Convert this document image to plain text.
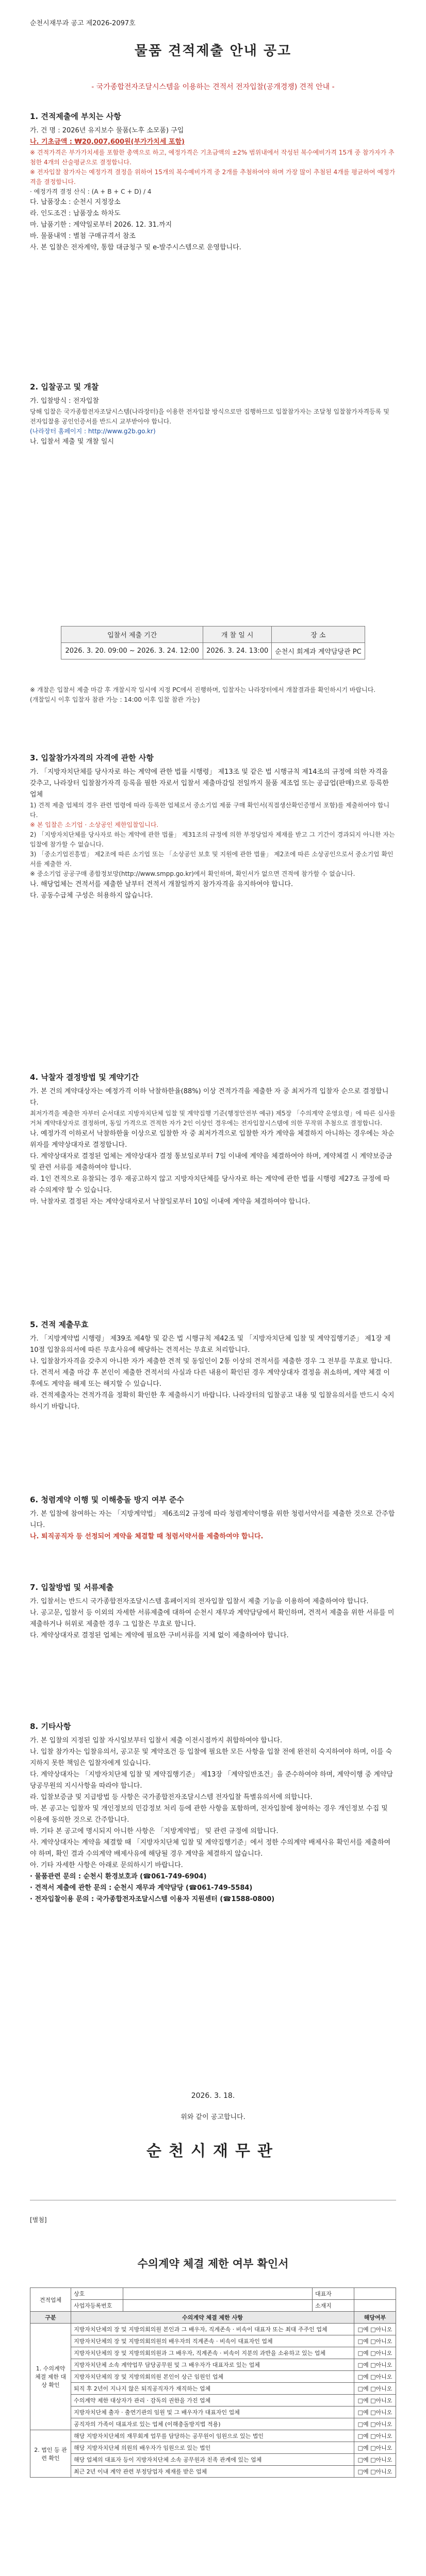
순천시재무과 공고 제2026-2097호
물품 견적제출 안내 공고
- 국가종합전자조달시스템을 이용하는 견적서 전자입찰(공개경쟁) 견적 안내 -
1. 견적제출에 부치는 사항

가. 건 명 : 2026년 유지보수 물품(노후 소모품) 구입

나. 기초금액 : ₩20,007,600원(부가가치세 포함)

※ 견적가격은 부가가치세를 포함한 총액으로 하고, 예정가격은 기초금액의 ±2% 범위내에서 작성된 복수예비가격 15개 중 참가자가 추첨한 4개의 산술평균으로 결정합니다.

※ 전자입찰 참가자는 예정가격 결정을 위하여 15개의 복수예비가격 중 2개를 추첨하여야 하며 가장 많이 추첨된 4개를 평균하여 예정가격을 결정합니다.

· 예정가격 결정 산식 : (A + B + C + D) / 4

다. 납품장소 : 순천시 지정장소

라. 인도조건 : 납품장소 하차도

마. 납품기한 : 계약일로부터 2026. 12. 31.까지

바. 물품내역 : 별첨 구매규격서 참조

사. 본 입찰은 전자계약, 통합 대금청구 및 e-발주시스템으로 운영합니다.

2. 입찰공고 및 개찰

가. 입찰방식 : 전자입찰

당해 입찰은 국가종합전자조달시스템(나라장터)을 이용한 전자입찰 방식으로만 집행하므로 입찰참가자는 조달청 입찰참가자격등록 및 전자입찰용 공인인증서를 반드시 교부받아야 합니다.

(나라장터 홈페이지 : http://www.g2b.go.kr)

나. 입찰서 제출 및 개찰 일시

입찰서 제출 기간	개 찰 일 시	장 소
2026. 3. 20. 09:00 ~ 2026. 3. 24. 12:00	2026. 3. 24. 13:00	순천시 회계과 계약담당관 PC

※ 개찰은 입찰서 제출 마감 후 개찰시작 일시에 지정 PC에서 진행하며, 입찰자는 나라장터에서 개찰결과를 확인하시기 바랍니다.

(개찰일시 이후 입찰자 참관 가능 : 14:00 이후 입찰 참관 가능)

3. 입찰참가자격의 자격에 관한 사항

가. 「지방자치단체를 당사자로 하는 계약에 관한 법률 시행령」 제13조 및 같은 법 시행규칙 제14조의 규정에 의한 자격을 갖추고, 나라장터 입찰참가자격 등록을 필한 자로서 입찰서 제출마감일 전일까지 물품 제조업 또는 공급업(판매)으로 등록한 업체

1) 견적 제출 업체의 경우 관련 법령에 따라 등록한 업체로서 중소기업 제품 구매 확인서(직접생산확인증명서 포함)를 제출하여야 합니다.

※ 본 입찰은 소기업 · 소상공인 제한입찰입니다.

2) 「지방자치단체를 당사자로 하는 계약에 관한 법률」 제31조의 규정에 의한 부정당업자 제재를 받고 그 기간이 경과되지 아니한 자는 입찰에 참가할 수 없습니다.

3) 「중소기업진흥법」 제2조에 따른 소기업 또는 「소상공인 보호 및 지원에 관한 법률」 제2조에 따른 소상공인으로서 중소기업 확인서를 제출한 자.

※ 중소기업 공공구매 종합정보망(http://www.smpp.go.kr)에서 확인하며, 확인서가 없으면 견적에 참가할 수 없습니다.

나. 해당업체는 견적서를 제출한 날부터 견적서 개찰일까지 참가자격을 유지하여야 합니다.

다. 공동수급체 구성은 허용하지 않습니다.

4. 낙찰자 결정방법 및 계약기간

가. 본 건의 계약대상자는 예정가격 이하 낙찰하한율(88%) 이상 견적가격을 제출한 자 중 최저가격 입찰자 순으로 결정합니다.

최저가격을 제출한 자부터 순서대로 지방자치단체 입찰 및 계약집행 기준(행정안전부 예규) 제5장 「수의계약 운영요령」에 따른 심사를 거쳐 계약대상자로 결정하며, 동일 가격으로 견적한 자가 2인 이상인 경우에는 전자입찰시스템에 의한 무작위 추첨으로 결정합니다.

나. 예정가격 이하로서 낙찰하한율 이상으로 입찰한 자 중 최저가격으로 입찰한 자가 계약을 체결하지 아니하는 경우에는 차순위자를 계약상대자로 결정합니다.

다. 계약상대자로 결정된 업체는 계약상대자 결정 통보일로부터 7일 이내에 계약을 체결하여야 하며, 계약체결 시 계약보증금 및 관련 서류를 제출하여야 합니다.

라. 1인 견적으로 유찰되는 경우 재공고하지 않고 지방자치단체를 당사자로 하는 계약에 관한 법률 시행령 제27조 규정에 따라 수의계약 할 수 있습니다.

마. 낙찰자로 결정된 자는 계약상대자로서 낙찰일로부터 10일 이내에 계약을 체결하여야 합니다.

5. 견적 제출무효

가. 「지방계약법 시행령」 제39조 제4항 및 같은 법 시행규칙 제42조 및 「지방자치단체 입찰 및 계약집행기준」 제1장 제10절 입찰유의서에 따른 무효사유에 해당하는 견적서는 무효로 처리합니다.

나. 입찰참가자격을 갖추지 아니한 자가 제출한 견적 및 동일인이 2통 이상의 견적서를 제출한 경우 그 전부를 무효로 합니다.

다. 견적서 제출 마감 후 본인이 제출한 견적서의 사실과 다른 내용이 확인된 경우 계약상대자 결정을 취소하며, 계약 체결 이후에도 계약을 해제 또는 해지할 수 있습니다.

라. 견적제출자는 견적가격을 정확히 확인한 후 제출하시기 바랍니다. 나라장터의 입찰공고 내용 및 입찰유의서를 반드시 숙지하시기 바랍니다.

6. 청렴계약 이행 및 이해충돌 방지 여부 준수

가. 본 입찰에 참여하는 자는 「지방계약법」 제6조의2 규정에 따라 청렴계약이행을 위한 청렴서약서를 제출한 것으로 간주합니다.

나. 퇴직공직자 등 선정되어 계약을 체결할 때 청렴서약서를 제출하여야 합니다.

7. 입찰방법 및 서류제출

가. 입찰서는 반드시 국가종합전자조달시스템 홈페이지의 전자입찰 입찰서 제출 기능을 이용하여 제출하여야 합니다.

나. 공고문, 입찰서 등 이외의 자세한 서류제출에 대하여 순천시 재무과 계약담당에서 확인하며, 견적서 제출을 위한 서류를 미제출하거나 허위로 제출한 경우 그 입찰은 무효로 합니다.

다. 계약상대자로 결정된 업체는 계약에 필요한 구비서류를 지체 없이 제출하여야 합니다.

8. 기타사항

가. 본 입찰의 지정된 입찰 자시일보부터 입찰서 제출 이전시점까지 취합하여야 합니다.

나. 입찰 참가자는 입찰유의서, 공고문 및 계약조건 등 입찰에 필요한 모든 사항을 입찰 전에 완전히 숙지하여야 하며, 이를 숙지하지 못한 책임은 입찰자에게 있습니다.

다. 계약상대자는 「지방자치단체 입찰 및 계약집행기준」 제13장 「계약일반조건」을 준수하여야 하며, 계약이행 중 계약담당공무원의 지시사항을 따라야 합니다.

라. 입찰보증금 및 지급방법 등 사항은 국가종합전자조달시스템 전자입찰 특별유의서에 의합니다.

마. 본 공고는 입찰자 및 개인정보의 민감정보 처리 등에 관한 사항을 포함하며, 전자입찰에 참여하는 경우 개인정보 수집 및 이용에 동의한 것으로 간주합니다.

바. 기타 본 공고에 명시되지 아니한 사항은 「지방계약법」 및 관련 규정에 의합니다.

사. 계약상대자는 계약을 체결할 때 「지방자치단체 입찰 및 계약집행기준」에서 정한 수의계약 배제사유 확인서를 제출하여야 하며, 확인 결과 수의계약 배제사유에 해당될 경우 계약을 체결하지 않습니다.

아. 기타 자세한 사항은 아래로 문의하시기 바랍니다.

· 물품관련 문의 : 순천시 환경보호과 (☎061-749-6904)

· 견적서 제출에 관한 문의 : 순천시 재무과 계약담당 (☎061-749-5584)

· 전자입찰이용 문의 : 국가종합전자조달시스템 이용자 지원센터 (☎1588-0800)

2026. 3. 18.
위와 같이 공고합니다.
순천시재무관
[별첨]
수의계약 체결 제한 여부 확인서
견적업체	상호		대표자	
	사업자등록번호		소재지	
구분	수의계약 체결 제한 사항			해당여부
1. 수의계약 체결 제한 대상 확인	지방자치단체의 장 및 지방의회의원 본인과 그 배우자, 직계존속 · 비속이 대표자 또는 최대 주주인 업체			□예 □아니오
	지방자치단체의 장 및 지방의회의원의 배우자의 직계존속 · 비속이 대표자인 업체			□예 □아니오
	지방자치단체의 장 및 지방의회의원과 그 배우자, 직계존속 · 비속이 지분의 과반을 소유하고 있는 업체			□예 □아니오
	지방자치단체 소속 계약업무 담당공무원 및 그 배우자가 대표자로 있는 업체			□예 □아니오
	지방자치단체의 장 및 지방의회의원 본인이 상근 임원인 업체			□예 □아니오
	퇴직 후 2년이 지나지 않은 퇴직공직자가 재직하는 업체			□예 □아니오
	수의계약 제한 대상자가 관리 · 감독의 권한을 가진 업체			□예 □아니오
	지방자치단체 출자 · 출연기관의 임원 및 그 배우자가 대표자인 업체			□예 □아니오
	공직자의 가족이 대표자로 있는 업체 (이해충돌방지법 적용)			□예 □아니오
2. 법인 등 관련 확인	해당 지방자치단체의 재무회계 업무를 담당하는 공무원이 임원으로 있는 법인			□예 □아니오
	해당 지방자치단체 의원의 배우자가 임원으로 있는 법인			□예 □아니오
	해당 업체의 대표자 등이 지방자치단체 소속 공무원과 친족 관계에 있는 업체			□예 □아니오
	최근 2년 이내 계약 관련 부정당업자 제재를 받은 업체			□예 □아니오
